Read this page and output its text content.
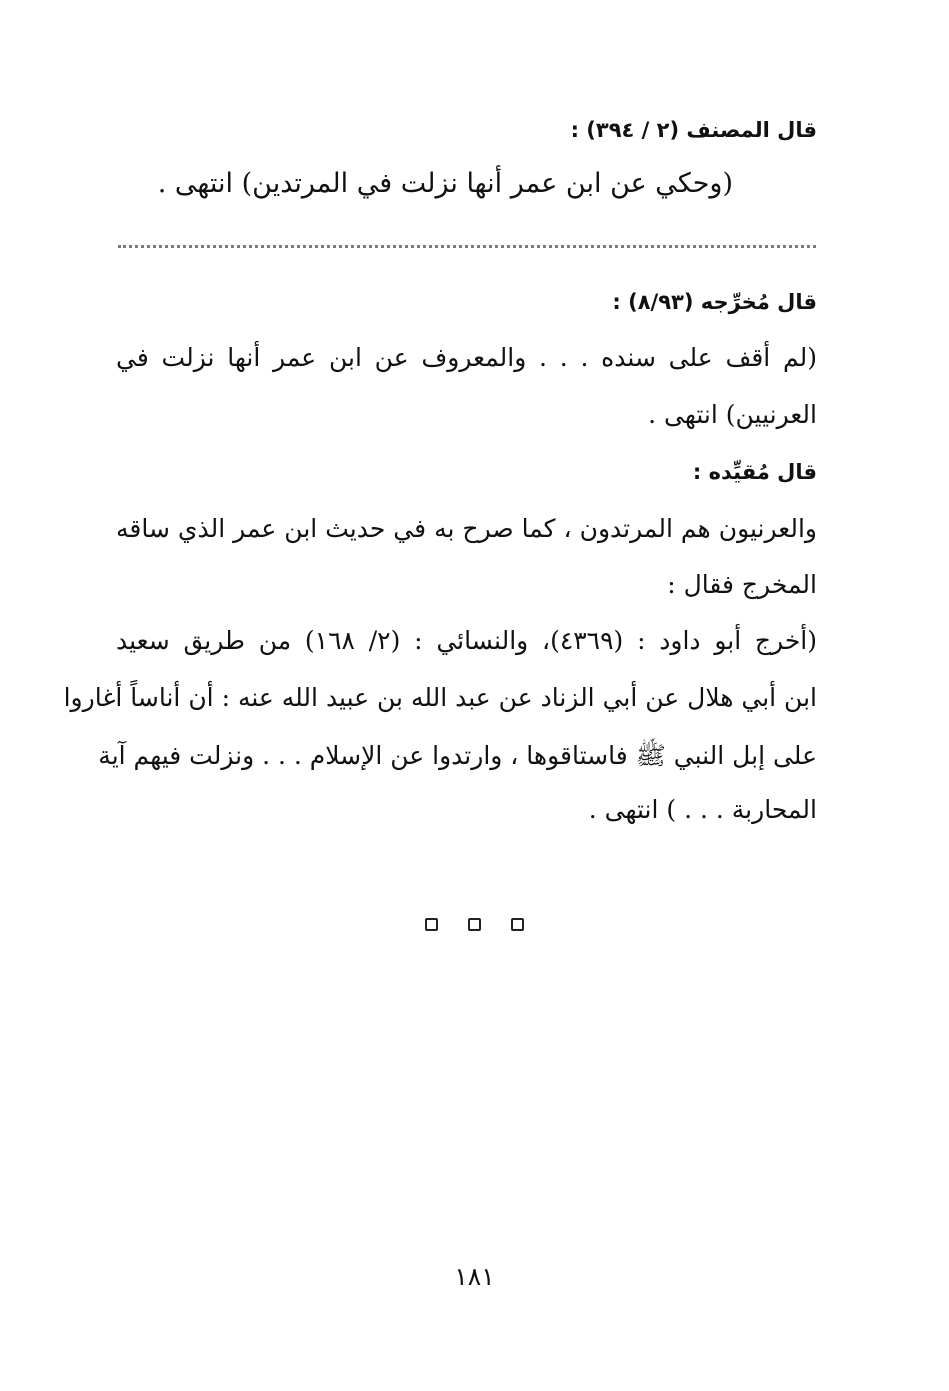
قال المصنف (٢ / ٣٩٤) :
(وحكي عن ابن عمر أنها نزلت في المرتدين) انتهى .
قال مُخرِّجه (٨/٩٣) :
(لم أقف على سنده . . . والمعروف عن ابن عمر أنها نزلت في
العرنيين) انتهى .
قال مُقيِّده :
والعرنيون هم المرتدون ، كما صرح به في حديث ابن عمر الذي ساقه
المخرج فقال :
(أخرج أبو داود : (٤٣٦٩)، والنسائي : (٢/ ١٦٨) من طريق سعيد
ابن أبي هلال عن أبي الزناد عن عبد الله بن عبيد الله عنه : أن أناساً أغاروا
على إبل النبي ﷺ فاستاقوها ، وارتدوا عن الإسلام . . . ونزلت فيهم آية
المحاربة . . . ) انتهى .
١٨١
